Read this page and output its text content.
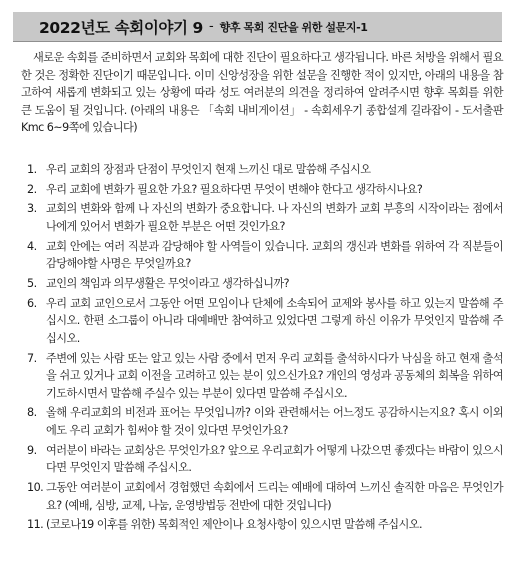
2022년도 속회이야기 9 - 향후 목회 진단을 위한 설문지-1

새로운 속회를 준비하면서 교회와 목회에 대한 진단이 필요하다고 생각됩니다. 바른 처방을 위해서 필요한 것은 정확한 진단이기 때문입니다. 이미 신앙성장을 위한 설문을 진행한 적이 있지만, 아래의 내용을 참고하여 새롭게 변화되고 있는 상황에 따라 성도 여러분의 의견을 정리하여 알려주시면 향후 목회를 위한 큰 도움이 될 것입니다. (아래의 내용은 「속회 내비게이션」 - 속회세우기 종합설계 길라잡이 - 도서출판 Kmc 6~9쪽에 있습니다)

1. 우리 교회의 장점과 단점이 무엇인지 현재 느끼신 대로 말씀해 주십시오
2. 우리 교회에 변화가 필요한 가요? 필요하다면 무엇이 변해야 한다고 생각하시나요?
3. 교회의 변화와 함께 나 자신의 변화가 중요합니다. 나 자신의 변화가 교회 부흥의 시작이라는 점에서 나에게 있어서 변화가 필요한 부분은 어떤 것인가요?
4. 교회 안에는 여러 직분과 감당해야 할 사역들이 있습니다. 교회의 갱신과 변화를 위하여 각 직분들이 감당해야할 사명은 무엇일까요?
5. 교인의 책임과 의무생활은 무엇이라고 생각하십니까?
6. 우리 교회 교인으로서 그동안 어떤 모임이나 단체에 소속되어 교제와 봉사를 하고 있는지 말씀해 주십시오. 한편 소그룹이 아니라 대예배만 참여하고 있었다면 그렇게 하신 이유가 무엇인지 말씀해 주십시오.
7. 주변에 있는 사람 또는 알고 있는 사람 중에서 먼저 우리 교회를 출석하시다가 낙심을 하고 현재 출석을 쉬고 있거나 교회 이전을 고려하고 있는 분이 있으신가요? 개인의 영성과 공동체의 회복을 위하여 기도하시면서 말씀해 주실수 있는 부분이 있다면 말씀해 주십시오.
8. 올해 우리교회의 비전과 표어는 무엇입니까? 이와 관련해서는 어느정도 공감하시는지요? 혹시 이외에도 우리 교회가 힘써야 할 것이 있다면 무엇인가요?
9. 여러분이 바라는 교회상은 무엇인가요? 앞으로 우리교회가 어떻게 나갔으면 좋겠다는 바람이 있으시다면 무엇인지 말씀해 주십시오.
10. 그동안 여러분이 교회에서 경험했던 속회에서 드리는 예배에 대하여 느끼신 솔직한 마음은 무엇인가요? (예배, 심방, 교제, 나눔, 운영방법등 전반에 대한 것입니다)
11. (코로나19 이후를 위한) 목회적인 제안이나 요청사항이 있으시면 말씀해 주십시오.
